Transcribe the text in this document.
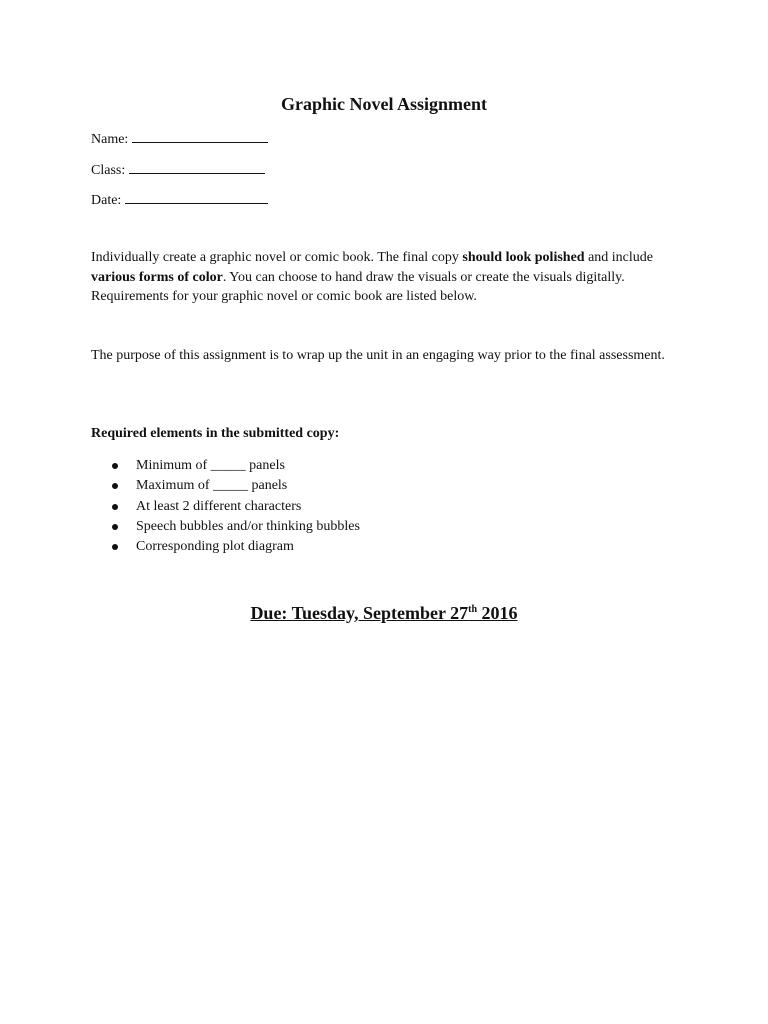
Graphic Novel Assignment
Name:
Class:
Date:
Individually create a graphic novel or comic book. The final copy should look polished and include various forms of color. You can choose to hand draw the visuals or create the visuals digitally. Requirements for your graphic novel or comic book are listed below.
The purpose of this assignment is to wrap up the unit in an engaging way prior to the final assessment.
Required elements in the submitted copy:
Minimum of _____ panels
Maximum of _____ panels
At least 2 different characters
Speech bubbles and/or thinking bubbles
Corresponding plot diagram
Due: Tuesday, September 27th 2016
